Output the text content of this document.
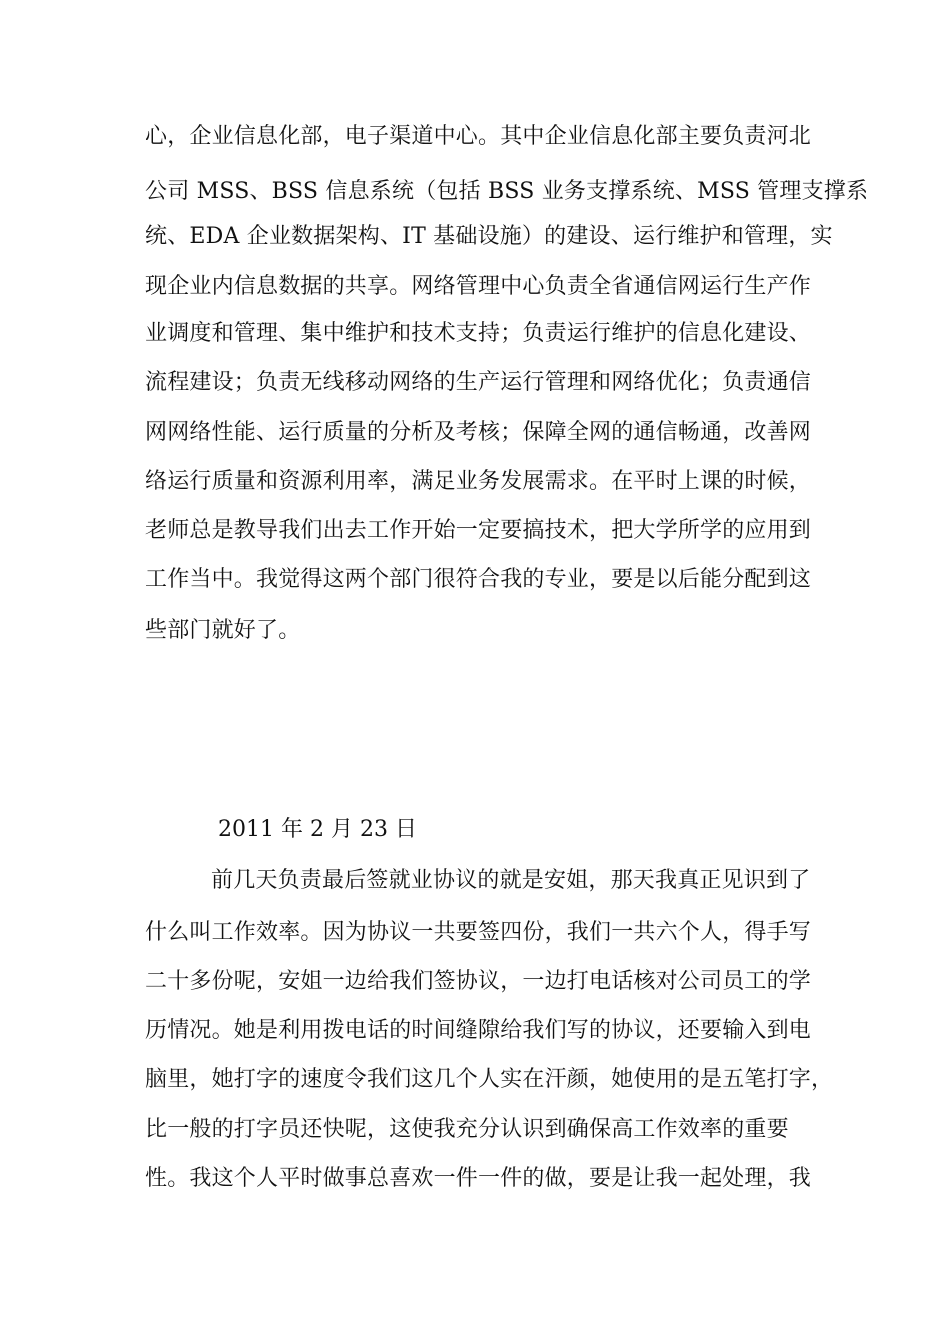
心，企业信息化部，电子渠道中心。其中企业信息化部主要负责河北
公司 MSS、BSS 信息系统（包括 BSS 业务支撑系统、MSS 管理支撑系
统、EDA 企业数据架构、IT 基础设施）的建设、运行维护和管理，实
现企业内信息数据的共享。网络管理中心负责全省通信网运行生产作
业调度和管理、集中维护和技术支持；负责运行维护的信息化建设、
流程建设；负责无线移动网络的生产运行管理和网络优化；负责通信
网网络性能、运行质量的分析及考核；保障全网的通信畅通，改善网
络运行质量和资源利用率，满足业务发展需求。在平时上课的时候，
老师总是教导我们出去工作开始一定要搞技术，把大学所学的应用到
工作当中。我觉得这两个部门很符合我的专业，要是以后能分配到这
些部门就好了。
2011 年 2 月 23 日
前几天负责最后签就业协议的就是安姐，那天我真正见识到了
什么叫工作效率。因为协议一共要签四份，我们一共六个人，得手写
二十多份呢，安姐一边给我们签协议，一边打电话核对公司员工的学
历情况。她是利用拨电话的时间缝隙给我们写的协议，还要输入到电
脑里，她打字的速度令我们这几个人实在汗颜，她使用的是五笔打字，
比一般的打字员还快呢，这使我充分认识到确保高工作效率的重要
性。我这个人平时做事总喜欢一件一件的做，要是让我一起处理，我
